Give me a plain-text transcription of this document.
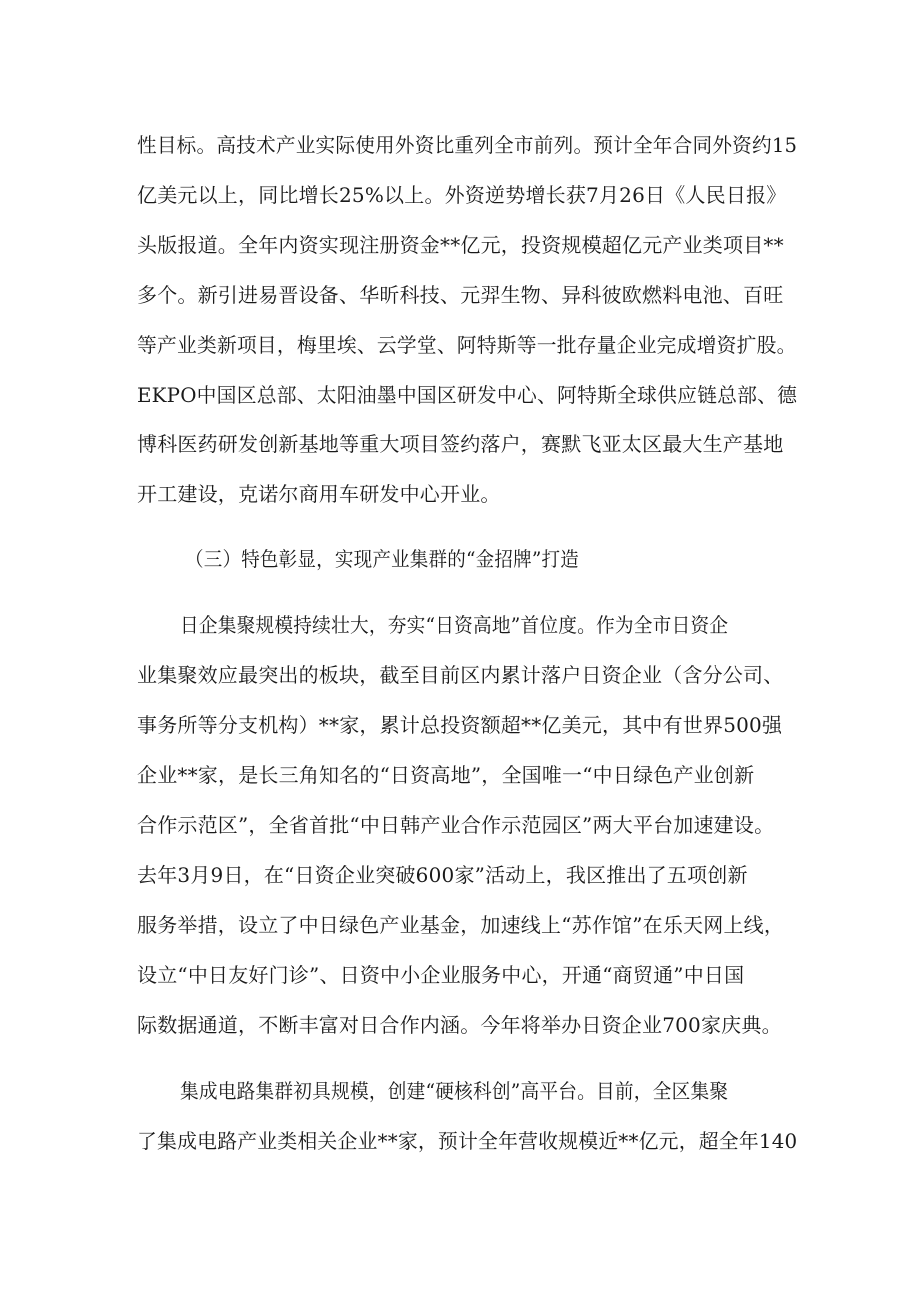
性目标。高技术产业实际使用外资比重列全市前列。预计全年合同外资约15
亿美元以上，同比增长25%以上。外资逆势增长获7月26日《人民日报》
头版报道。全年内资实现注册资金**亿元，投资规模超亿元产业类项目**
多个。新引进易晋设备、华昕科技、元羿生物、异科彼欧燃料电池、百旺
等产业类新项目，梅里埃、云学堂、阿特斯等一批存量企业完成增资扩股。
EKPO中国区总部、太阳油墨中国区研发中心、阿特斯全球供应链总部、德
博科医药研发创新基地等重大项目签约落户，赛默飞亚太区最大生产基地
开工建设，克诺尔商用车研发中心开业。
（三）特色彰显，实现产业集群的“金招牌”打造
日企集聚规模持续壮大，夯实“日资高地”首位度。作为全市日资企
业集聚效应最突出的板块，截至目前区内累计落户日资企业（含分公司、
事务所等分支机构）**家，累计总投资额超**亿美元，其中有世界500强
企业**家，是长三角知名的“日资高地”，全国唯一“中日绿色产业创新
合作示范区”，全省首批“中日韩产业合作示范园区”两大平台加速建设。
去年3月9日，在“日资企业突破600家”活动上，我区推出了五项创新
服务举措，设立了中日绿色产业基金，加速线上“苏作馆”在乐天网上线，
设立“中日友好门诊”、日资中小企业服务中心，开通“商贸通”中日国
际数据通道，不断丰富对日合作内涵。今年将举办日资企业700家庆典。
集成电路集群初具规模，创建“硬核科创”高平台。目前，全区集聚
了集成电路产业类相关企业**家，预计全年营收规模近**亿元，超全年140
